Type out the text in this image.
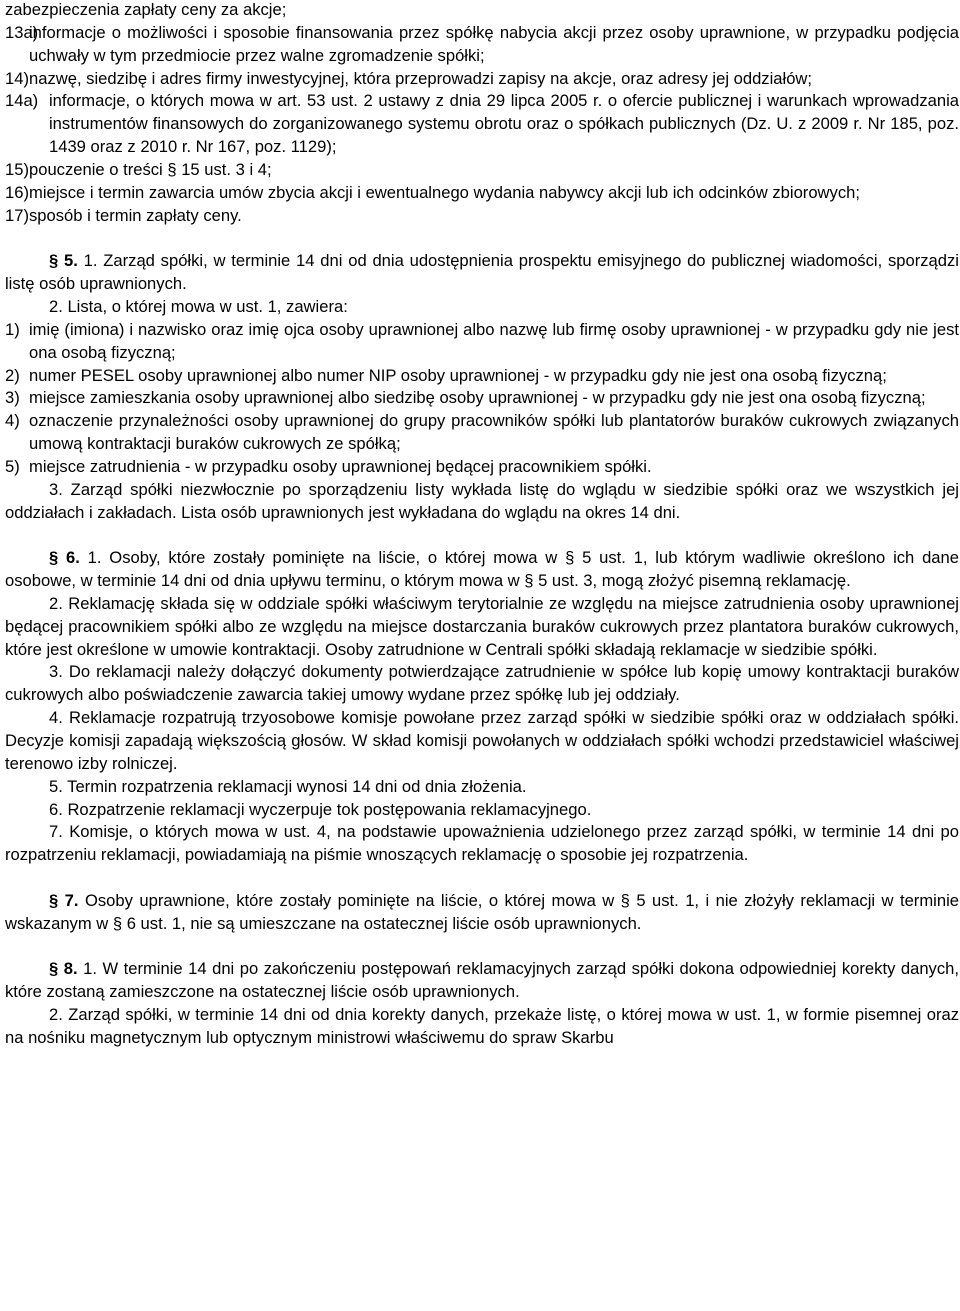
zabezpieczenia zapłaty ceny za akcje;

13a)
informacje o możliwości i sposobie finansowania przez spółkę nabycia akcji przez osoby uprawnione, w przypadku podjęcia uchwały w tym przedmiocie przez walne zgromadzenie spółki;
14) nazwę, siedzibę i adres firmy inwestycyjnej, która przeprowadzi zapisy na akcje, oraz adresy jej oddziałów;
14a) informacje, o których mowa w art. 53 ust. 2 ustawy z dnia 29 lipca 2005 r. o ofercie publicznej i warunkach wprowadzania instrumentów finansowych do zorganizowanego systemu obrotu oraz o spółkach publicznych (Dz. U. z 2009 r. Nr 185, poz. 1439 oraz z 2010 r. Nr 167, poz. 1129);
15) pouczenie o treści § 15 ust. 3 i 4;
16) miejsce i termin zawarcia umów zbycia akcji i ewentualnego wydania nabywcy akcji lub ich odcinków zbiorowych;
17) sposób i termin zapłaty ceny.

§ 5. 1. Zarząd spółki, w terminie 14 dni od dnia udostępnienia prospektu emisyjnego do publicznej wiadomości, sporządzi listę osób uprawnionych.

2. Lista, o której mowa w ust. 1, zawiera:

1) imię (imiona) i nazwisko oraz imię ojca osoby uprawnionej albo nazwę lub firmę osoby uprawnionej - w przypadku gdy nie jest ona osobą fizyczną;
2) numer PESEL osoby uprawnionej albo numer NIP osoby uprawnionej - w przypadku gdy nie jest ona osobą fizyczną;
3) miejsce zamieszkania osoby uprawnionej albo siedzibę osoby uprawnionej - w przypadku gdy nie jest ona osobą fizyczną;
4) oznaczenie przynależności osoby uprawnionej do grupy pracowników spółki lub plantatorów buraków cukrowych związanych umową kontraktacji buraków cukrowych ze spółką;
5) miejsce zatrudnienia - w przypadku osoby uprawnionej będącej pracownikiem spółki.

3. Zarząd spółki niezwłocznie po sporządzeniu listy wykłada listę do wglądu w siedzibie spółki oraz we wszystkich jej oddziałach i zakładach. Lista osób uprawnionych jest wykładana do wglądu na okres 14 dni.

§ 6. 1. Osoby, które zostały pominięte na liście, o której mowa w § 5 ust. 1, lub którym wadliwie określono ich dane osobowe, w terminie 14 dni od dnia upływu terminu, o którym mowa w § 5 ust. 3, mogą złożyć pisemną reklamację.

2. Reklamację składa się w oddziale spółki właściwym terytorialnie ze względu na miejsce zatrudnienia osoby uprawnionej będącej pracownikiem spółki albo ze względu na miejsce dostarczania buraków cukrowych przez plantatora buraków cukrowych, które jest określone w umowie kontraktacji. Osoby zatrudnione w Centrali spółki składają reklamacje w siedzibie spółki.

3. Do reklamacji należy dołączyć dokumenty potwierdzające zatrudnienie w spółce lub kopię umowy kontraktacji buraków cukrowych albo poświadczenie zawarcia takiej umowy wydane przez spółkę lub jej oddziały.

4. Reklamacje rozpatrują trzyosobowe komisje powołane przez zarząd spółki w siedzibie spółki oraz w oddziałach spółki. Decyzje komisji zapadają większością głosów. W skład komisji powołanych w oddziałach spółki wchodzi przedstawiciel właściwej terenowo izby rolniczej.

5. Termin rozpatrzenia reklamacji wynosi 14 dni od dnia złożenia.

6. Rozpatrzenie reklamacji wyczerpuje tok postępowania reklamacyjnego.

7. Komisje, o których mowa w ust. 4, na podstawie upoważnienia udzielonego przez zarząd spółki, w terminie 14 dni po rozpatrzeniu reklamacji, powiadamiają na piśmie wnoszących reklamację o sposobie jej rozpatrzenia.

§ 7. Osoby uprawnione, które zostały pominięte na liście, o której mowa w § 5 ust. 1, i nie złożyły reklamacji w terminie wskazanym w § 6 ust. 1, nie są umieszczane na ostatecznej liście osób uprawnionych.

§ 8. 1. W terminie 14 dni po zakończeniu postępowań reklamacyjnych zarząd spółki dokona odpowiedniej korekty danych, które zostaną zamieszczone na ostatecznej liście osób uprawnionych.

2. Zarząd spółki, w terminie 14 dni od dnia korekty danych, przekaże listę, o której mowa w ust. 1, w formie pisemnej oraz na nośniku magnetycznym lub optycznym ministrowi właściwemu do spraw Skarbu
